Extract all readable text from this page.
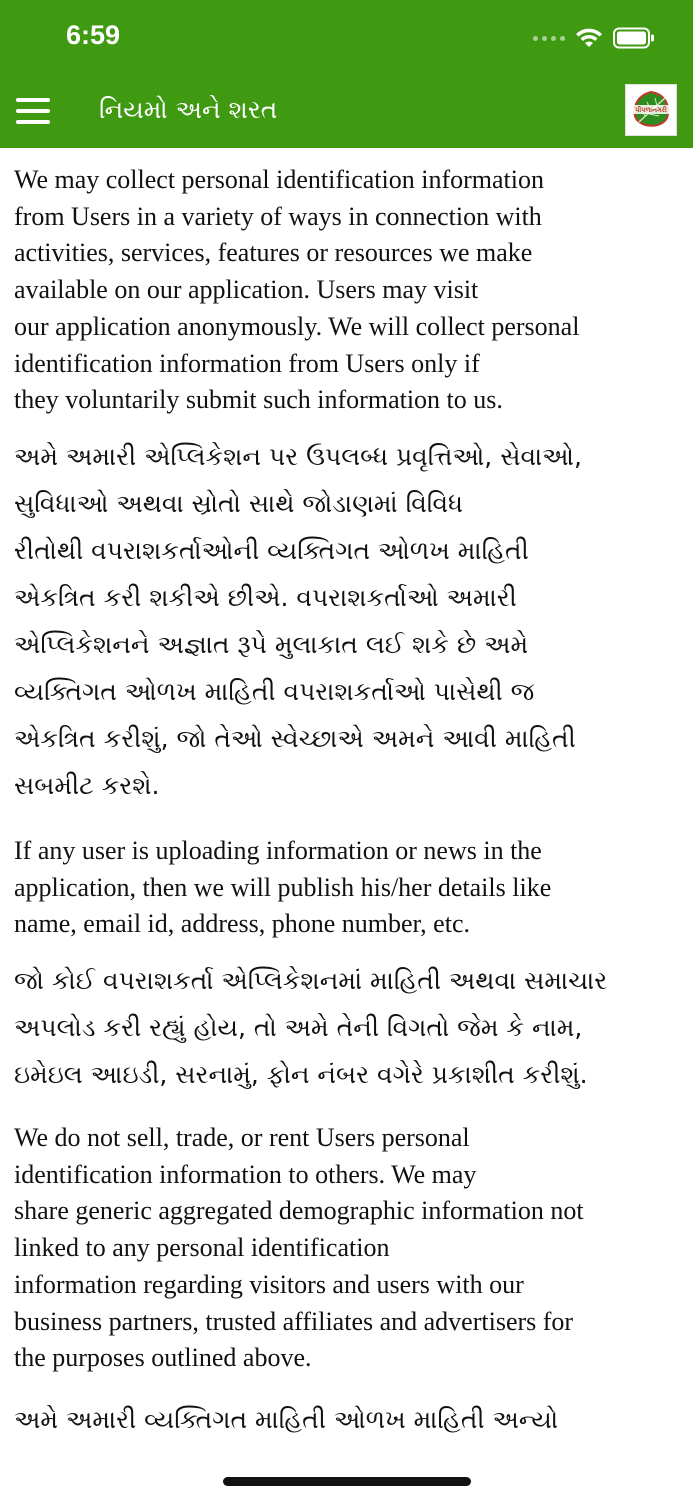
6:59
નિયમો અને શરત	પીપળાનગરી

We may collect personal identification information
from Users in a variety of ways in connection with
activities, services, features or resources we make
available on our application. Users may visit
our application anonymously. We will collect personal
identification information from Users only if
they voluntarily submit such information to us.

અમે અમારી એપ્લિકેશન પર ઉપલબ્ધ પ્રવૃત્તિઓ, સેવાઓ,
સુવિધાઓ અથવા સ્રોતો સાથે જોડાણમાં વિવિધ
રીતોથી વપરાશકર્તાઓની વ્યક્તિગત ઓળખ માહિતી
એકત્રિત કરી શકીએ છીએ. વપરાશકર્તાઓ અમારી
એપ્લિકેશનને અજ્ઞાત રૂપે મુલાકાત લઈ શકે છે અમે
વ્યક્તિગત ઓળખ માહિતી વપરાશકર્તાઓ પાસેથી જ
એકત્રિત કરીશું, જો તેઓ સ્વેચ્છાએ અમને આવી માહિતી
સબમીટ કરશે.

If any user is uploading information or news in the
application, then we will publish his/her details like
name, email id, address, phone number, etc.

જો કોઈ વપરાશકર્તા એપ્લિકેશનમાં માહિતી અથવા સમાચાર
અપલોડ કરી રહ્યું હોય, તો અમે તેની વિગતો જેમ કે નામ,
ઇમેઇલ આઇડી, સરનામું, ફોન નંબર વગેરે પ્રકાશીત કરીશું.

We do not sell, trade, or rent Users personal
identification information to others. We may
share generic aggregated demographic information not
linked to any personal identification
information regarding visitors and users with our
business partners, trusted affiliates and advertisers for
the purposes outlined above.

અમે અમારી વ્યક્તિગત માહિતી ઓળખ માહિતી અન્યો
